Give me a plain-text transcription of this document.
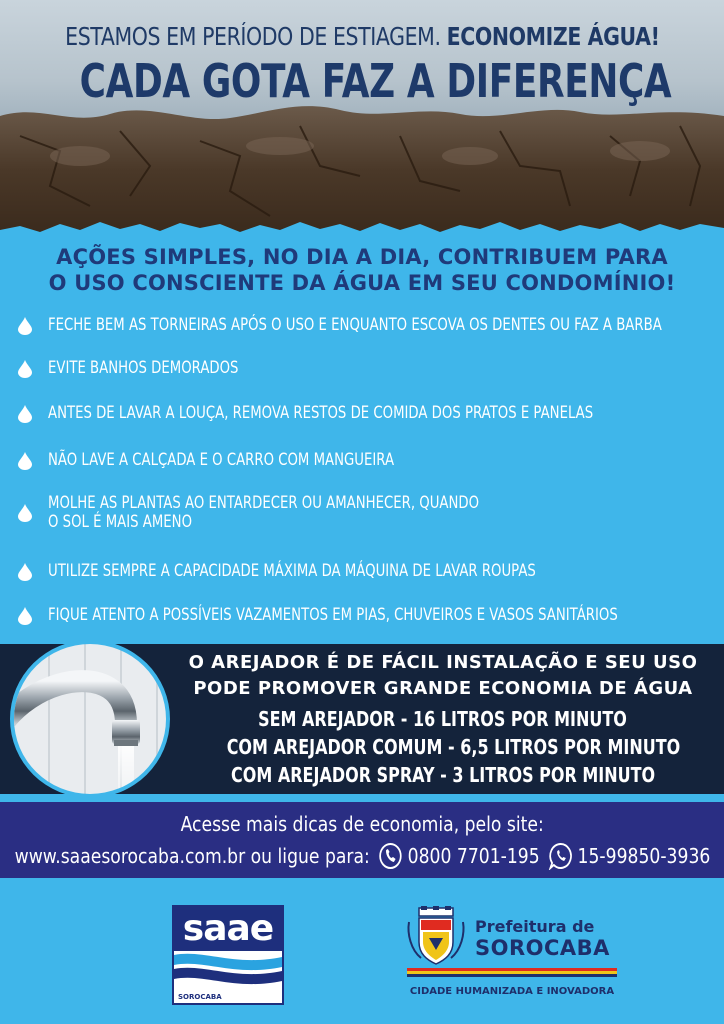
ESTAMOS EM PERÍODO DE ESTIAGEM. ECONOMIZE ÁGUA!
CADA GOTA FAZ A DIFERENÇA
AÇÕES SIMPLES, NO DIA A DIA, CONTRIBUEM PARA
O USO CONSCIENTE DA ÁGUA EM SEU CONDOMÍNIO!
FECHE BEM AS TORNEIRAS APÓS O USO E ENQUANTO ESCOVA OS DENTES OU FAZ A BARBA
EVITE BANHOS DEMORADOS
ANTES DE LAVAR A LOUÇA, REMOVA RESTOS DE COMIDA DOS PRATOS E PANELAS
NÃO LAVE A CALÇADA E O CARRO COM MANGUEIRA
MOLHE AS PLANTAS AO ENTARDECER OU AMANHECER, QUANDO
O SOL É MAIS AMENO
UTILIZE SEMPRE A CAPACIDADE MÁXIMA DA MÁQUINA DE LAVAR ROUPAS
FIQUE ATENTO A POSSÍVEIS VAZAMENTOS EM PIAS, CHUVEIROS E VASOS SANITÁRIOS
O AREJADOR É DE FÁCIL INSTALAÇÃO E SEU USO
PODE PROMOVER GRANDE ECONOMIA DE ÁGUA
SEM AREJADOR - 16 LITROS POR MINUTO
COM AREJADOR COMUM - 6,5 LITROS POR MINUTO
COM AREJADOR SPRAY - 3 LITROS POR MINUTO
Acesse mais dicas de economia, pelo site:
www.saaesorocaba.com.br ou ligue para: 0800 7701-195 15-99850-3936
saae
SOROCABA
Prefeitura de
SOROCABA
CIDADE HUMANIZADA E INOVADORA
